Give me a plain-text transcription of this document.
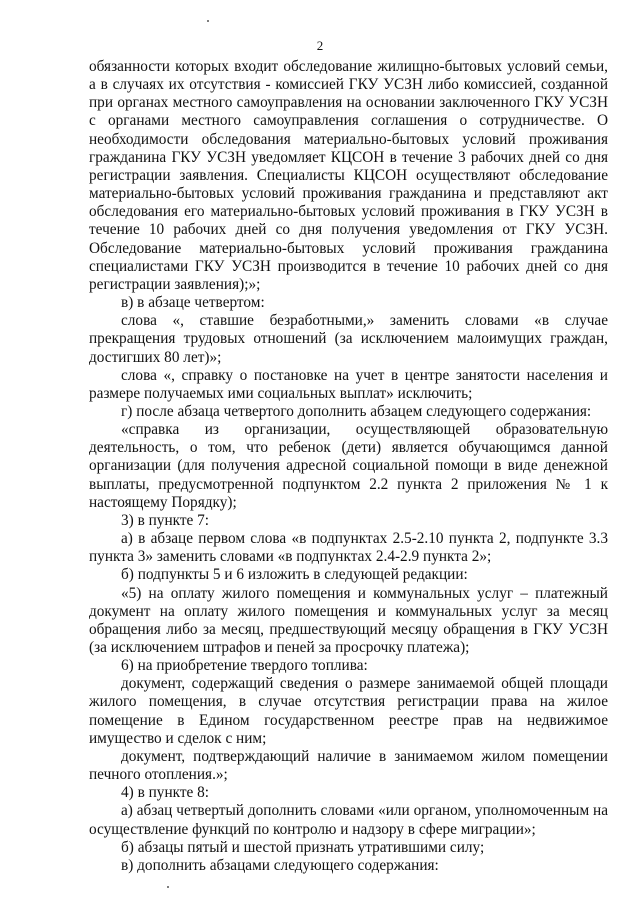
2

обязанности которых входит обследование жилищно-бытовых условий семьи, а в случаях их отсутствия - комиссией ГКУ УСЗН либо комиссией, созданной при органах местного самоуправления на основании заключенного ГКУ УСЗН с органами местного самоуправления соглашения о сотрудничестве. О необходимости обследования материально-бытовых условий проживания гражданина ГКУ УСЗН уведомляет КЦСОН в течение 3 рабочих дней со дня регистрации заявления. Специалисты КЦСОН осуществляют обследование материально-бытовых условий проживания гражданина и представляют акт обследования его материально-бытовых условий проживания в ГКУ УСЗН в течение 10 рабочих дней со дня получения уведомления от ГКУ УСЗН. Обследование материально-бытовых условий проживания гражданина специалистами ГКУ УСЗН производится в течение 10 рабочих дней со дня регистрации заявления);»;

в) в абзаце четвертом:

слова «, ставшие безработными,» заменить словами «в случае прекращения трудовых отношений (за исключением малоимущих граждан, достигших 80 лет)»;

слова «, справку о постановке на учет в центре занятости населения и размере получаемых ими социальных выплат» исключить;

г) после абзаца четвертого дополнить абзацем следующего содержания:

«справка из организации, осуществляющей образовательную деятельность, о том, что ребенок (дети) является обучающимся данной организации (для получения адресной социальной помощи в виде денежной выплаты, предусмотренной подпунктом 2.2 пункта 2 приложения № 1 к настоящему Порядку);

3) в пункте 7:

а) в абзаце первом слова «в подпунктах 2.5-2.10 пункта 2, подпункте 3.3 пункта 3» заменить словами «в подпунктах 2.4-2.9 пункта 2»;

б) подпункты 5 и 6 изложить в следующей редакции:

«5) на оплату жилого помещения и коммунальных услуг – платежный документ на оплату жилого помещения и коммунальных услуг за месяц обращения либо за месяц, предшествующий месяцу обращения в ГКУ УСЗН (за исключением штрафов и пеней за просрочку платежа);

6) на приобретение твердого топлива:

документ, содержащий сведения о размере занимаемой общей площади жилого помещения, в случае отсутствия регистрации права на жилое помещение в Едином государственном реестре прав на недвижимое имущество и сделок с ним;

документ, подтверждающий наличие в занимаемом жилом помещении печного отопления.»;

4) в пункте 8:

а) абзац четвертый дополнить словами «или органом, уполномоченным на осуществление функций по контролю и надзору в сфере миграции»;

б) абзацы пятый и шестой признать утратившими силу;

в) дополнить абзацами следующего содержания:
